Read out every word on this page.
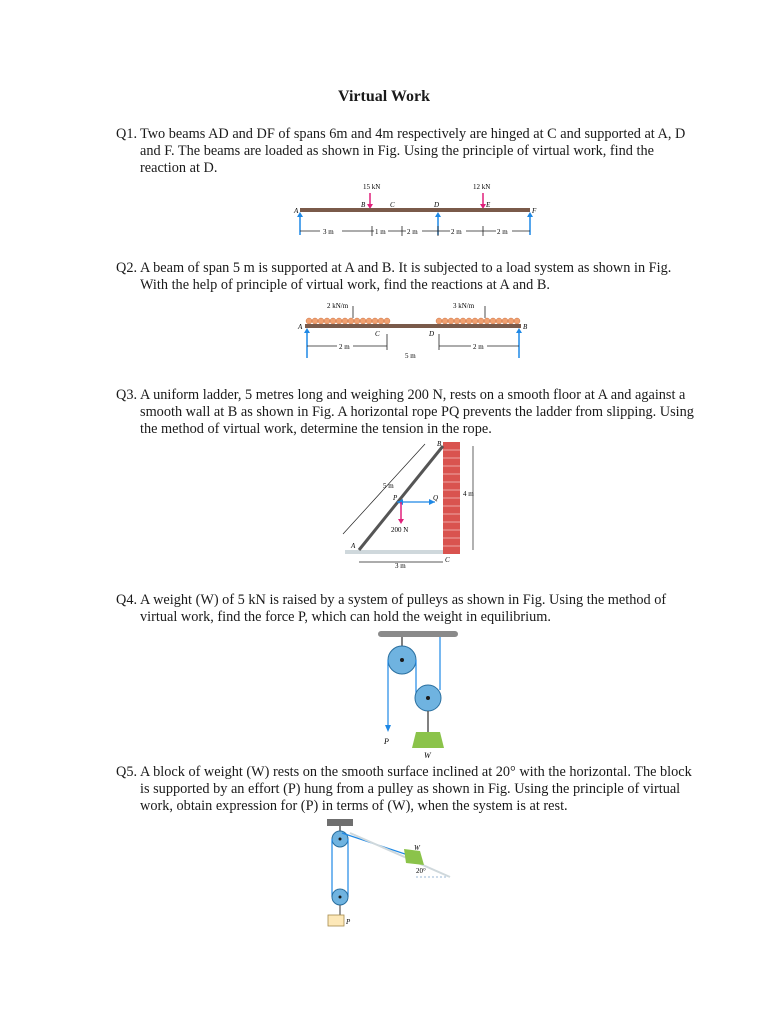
Virtual Work
Q1. Two beams AD and DF of spans 6m and 4m respectively are hinged at C and supported at A, D and F. The beams are loaded as shown in Fig. Using the principle of virtual work, find the reaction at D.
15 kN	12 kN
A
B	C	D	E
F
3 m	1 m	2 m	2 m	2 m
Q2. A beam of span 5 m is supported at A and B. It is subjected to a load system as shown in Fig. With the help of principle of virtual work, find the reactions at A and B.
2 kN/m	3 kN/m
A	B
C	D
2 m	2 m
5 m
Q3. A uniform ladder, 5 metres long and weighing 200 N, rests on a smooth floor at A and against a smooth wall at B as shown in Fig. A horizontal rope PQ prevents the ladder from slipping. Using the method of virtual work, determine the tension in the rope.
200 N
P	Q
B
A
C
5 m
4 m
3 m
Q4. A weight (W) of 5 kN is raised by a system of pulleys as shown in Fig. Using the method of virtual work, find the force P, which can hold the weight in equilibrium.
P
W
Q5. A block of weight (W) rests on the smooth surface inclined at 20° with the horizontal. The block is supported by an effort (P) hung from a pulley as shown in Fig. Using the principle of virtual work, obtain expression for (P) in terms of (W), when the system is at rest.
P
W
20°
